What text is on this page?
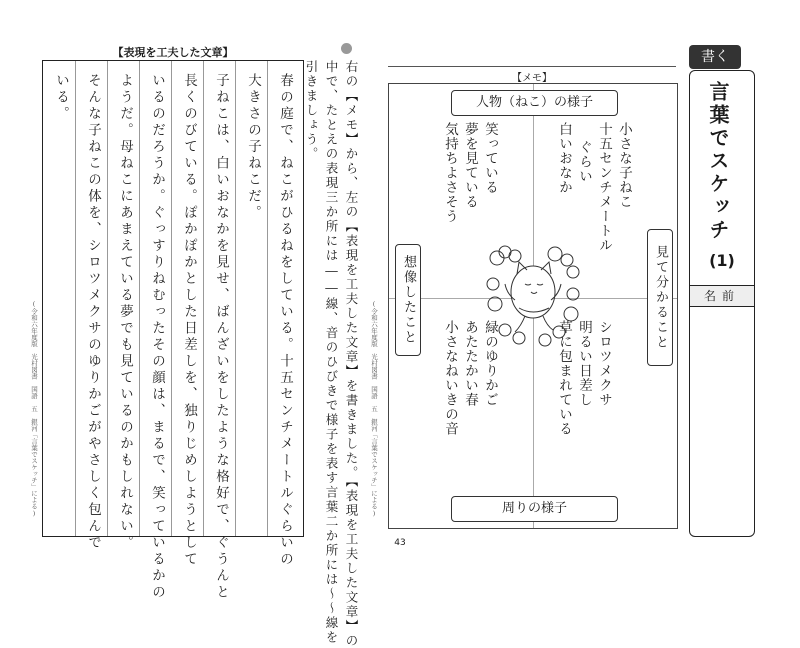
【表現を工夫した文章】
春の庭で、ねこがひるねをしている。十五センチメートルぐらいの
大きさの子ねこだ。
子ねこは、白いおなかを見せ、ばんざいをしたような格好で、ぐうんと
長くのびている。ぽかぽかとした日差しを、独りじめしようとして
いるのだろうか。ぐっすりねむったその顔は、まるで、笑っているかの
ようだ。母ねこにあまえている夢でも見ているのかもしれない。
そんな子ねこの体を、シロツメクサのゆりかごがやさしく包んで
いる。
(令和六年度版　光村図書　国語　五　銀河「言葉でスケッチ」による)	右の【メモ】から、左の【表現を工夫した文章】を書きました。【表現を工夫した文章】の
中で、たとえの表現三か所には――線、音のひびきで様子を表す言葉二か所には～～線を
引きましょう。
(令和六年度版　光村図書　国語　五　銀河「言葉でスケッチ」による)
【メモ】
人物（ねこ）の様子
周りの様子
見て分かること
想像したこと
小さな子ねこ
十五センチメートル
ぐらい
白いおなか
笑っている
夢を見ている
気持ちよさそう
シロツメクサ
明るい日差し
草に包まれている
緑のゆりかご
あたたかい春
小さなねいきの音
書く
言葉でスケッチ
(1)
名前
43
